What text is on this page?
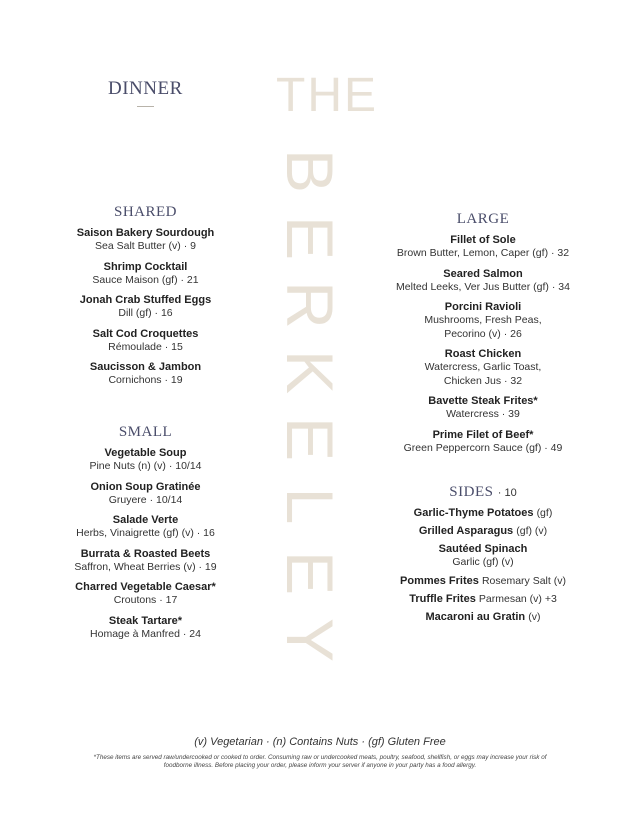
THE
B
E
R
K
E
L
E
Y
DINNER
SHARED
Saison Bakery Sourdough
Sea Salt Butter (v) · 9
Shrimp Cocktail
Sauce Maison (gf) · 21
Jonah Crab Stuffed Eggs
Dill (gf) · 16
Salt Cod Croquettes
Rémoulade · 15
Saucisson & Jambon
Cornichons · 19
SMALL
Vegetable Soup
Pine Nuts (n) (v) · 10/14
Onion Soup Gratinée
Gruyere · 10/14
Salade Verte
Herbs, Vinaigrette (gf) (v) · 16
Burrata & Roasted Beets
Saffron, Wheat Berries (v) · 19
Charred Vegetable Caesar*
Croutons · 17
Steak Tartare*
Homage à Manfred · 24
LARGE
Fillet of Sole
Brown Butter, Lemon, Caper (gf) · 32
Seared Salmon
Melted Leeks, Ver Jus Butter (gf) · 34
Porcini Ravioli
Mushrooms, Fresh Peas,
Pecorino (v) · 26
Roast Chicken
Watercress, Garlic Toast,
Chicken Jus · 32
Bavette Steak Frites*
Watercress · 39
Prime Filet of Beef*
Green Peppercorn Sauce (gf) · 49
SIDES · 10
Garlic-Thyme Potatoes (gf)
Grilled Asparagus (gf) (v)
Sautéed Spinach
Garlic (gf) (v)
Pommes Frites Rosemary Salt (v)
Truffle Frites Parmesan (v) +3
Macaroni au Gratin (v)
(v) Vegetarian · (n) Contains Nuts · (gf) Gluten Free
*These items are served raw/undercooked or cooked to order. Consuming raw or undercooked meats, poultry, seafood, shellfish, or eggs may increase your risk of foodborne illness. Before placing your order, please inform your server if anyone in your party has a food allergy.
